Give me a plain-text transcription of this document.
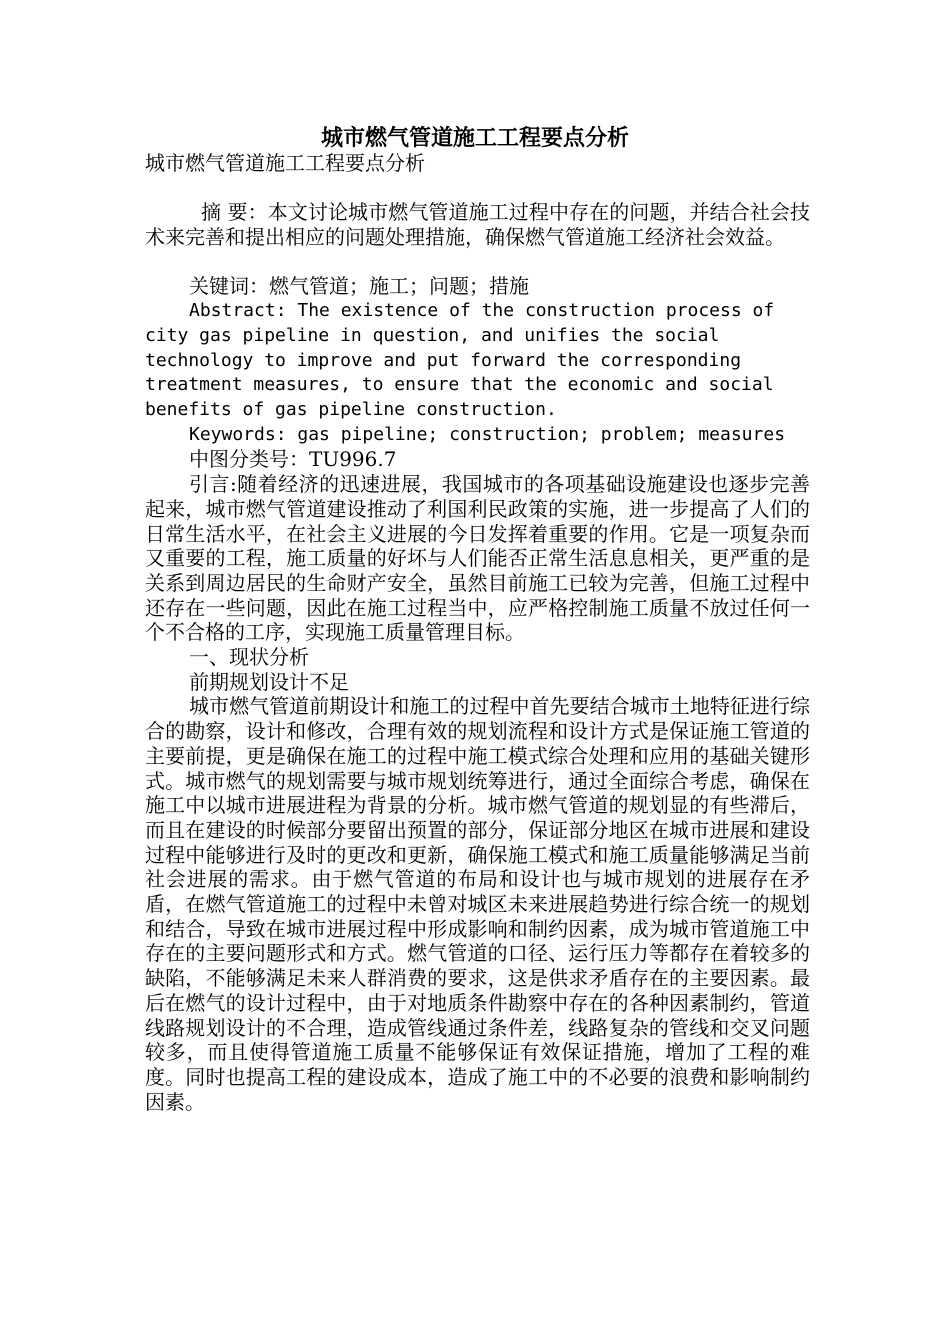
城市燃气管道施工工程要点分析

城市燃气管道施工工程要点分析

摘 要：本文讨论城市燃气管道施工过程中存在的问题，并结合社会技术来完善和提出相应的问题处理措施，确保燃气管道施工经济社会效益。

关键词：燃气管道；施工；问题；措施

Abstract: The existence of the construction process of city gas pipeline in question, and unifies the social technology to improve and put forward the corresponding treatment measures, to ensure that the economic and social benefits of gas pipeline construction.

Keywords: gas pipeline; construction; problem; measures

中图分类号：TU996.7

引言:随着经济的迅速进展，我国城市的各项基础设施建设也逐步完善起来，城市燃气管道建设推动了利国利民政策的实施，进一步提高了人们的日常生活水平，在社会主义进展的今日发挥着重要的作用。它是一项复杂而又重要的工程，施工质量的好坏与人们能否正常生活息息相关，更严重的是关系到周边居民的生命财产安全，虽然目前施工已较为完善，但施工过程中还存在一些问题，因此在施工过程当中，应严格控制施工质量不放过任何一个不合格的工序，实现施工质量管理目标。

一、现状分析

前期规划设计不足

城市燃气管道前期设计和施工的过程中首先要结合城市土地特征进行综合的勘察，设计和修改，合理有效的规划流程和设计方式是保证施工管道的主要前提，更是确保在施工的过程中施工模式综合处理和应用的基础关键形式。城市燃气的规划需要与城市规划统筹进行，通过全面综合考虑，确保在施工中以城市进展进程为背景的分析。城市燃气管道的规划显的有些滞后，而且在建设的时候部分要留出预置的部分，保证部分地区在城市进展和建设过程中能够进行及时的更改和更新，确保施工模式和施工质量能够满足当前社会进展的需求。由于燃气管道的布局和设计也与城市规划的进展存在矛盾，在燃气管道施工的过程中未曾对城区未来进展趋势进行综合统一的规划和结合，导致在城市进展过程中形成影响和制约因素，成为城市管道施工中存在的主要问题形式和方式。燃气管道的口径、运行压力等都存在着较多的缺陷，不能够满足未来人群消费的要求，这是供求矛盾存在的主要因素。最后在燃气的设计过程中，由于对地质条件勘察中存在的各种因素制约，管道线路规划设计的不合理，造成管线通过条件差，线路复杂的管线和交叉问题较多，而且使得管道施工质量不能够保证有效保证措施，增加了工程的难度。同时也提高工程的建设成本，造成了施工中的不必要的浪费和影响制约因素。
